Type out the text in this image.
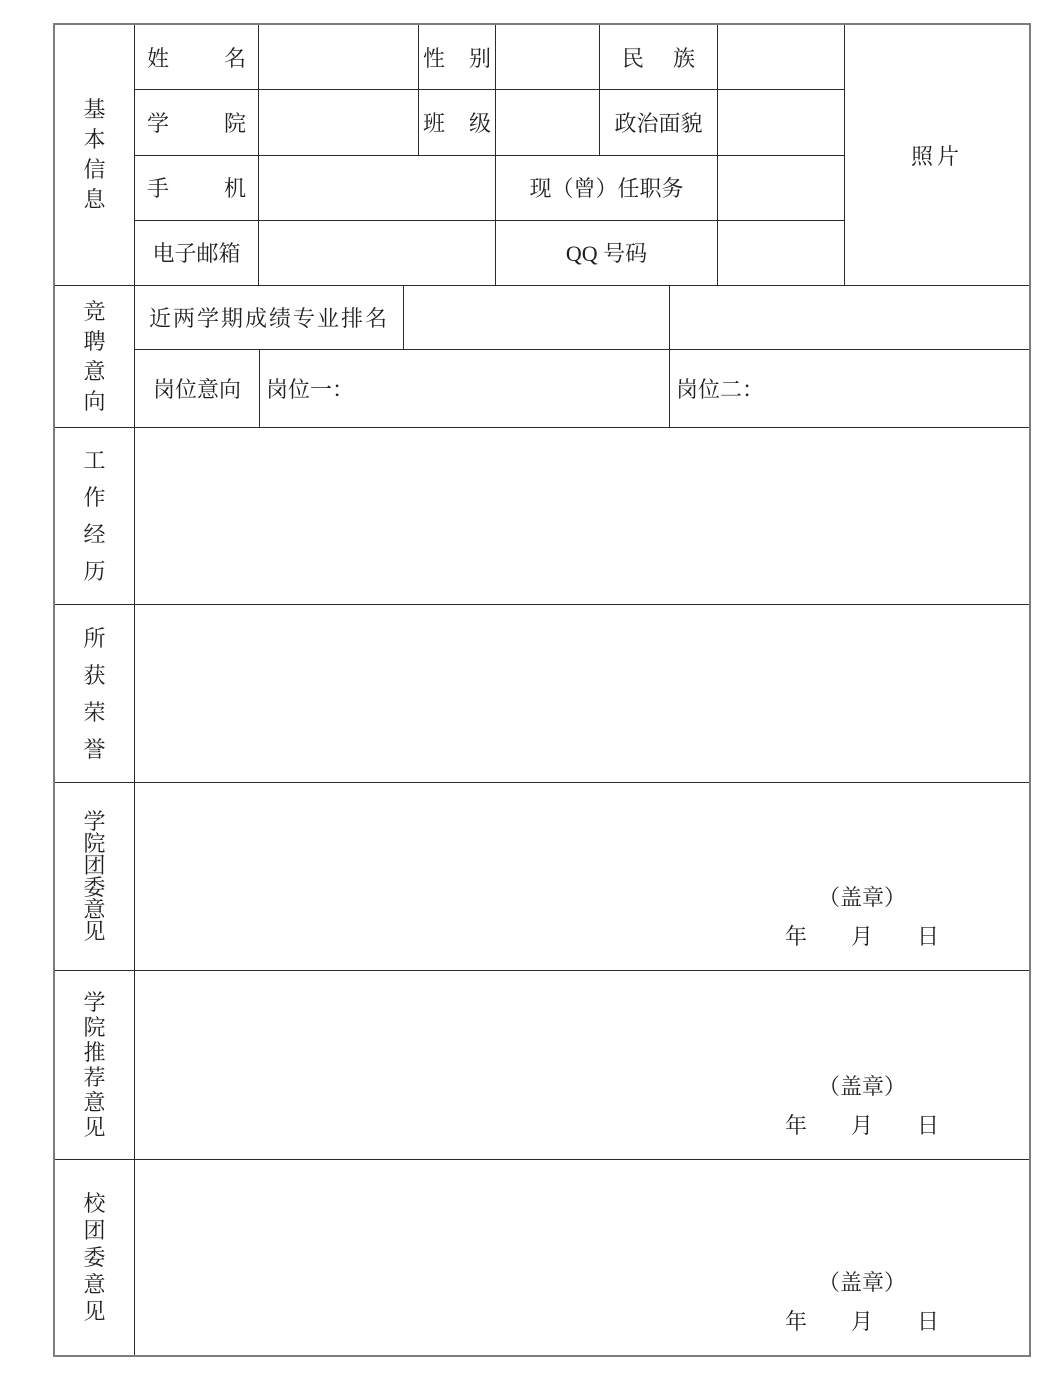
基本信息
姓名	性别	民族
学院	班级	政治面貌
手机	现（曾）任职务
电子邮箱	QQ 号码
照片
竞聘意向
近两学期成绩专业排名
岗位意向	岗位一：	岗位二：
工作经历
所获荣誉
学院团委意见
（盖章）
年　　月　　日
学院推荐意见
（盖章）
年　　月　　日
校团委意见
（盖章）
年　　月　　日
